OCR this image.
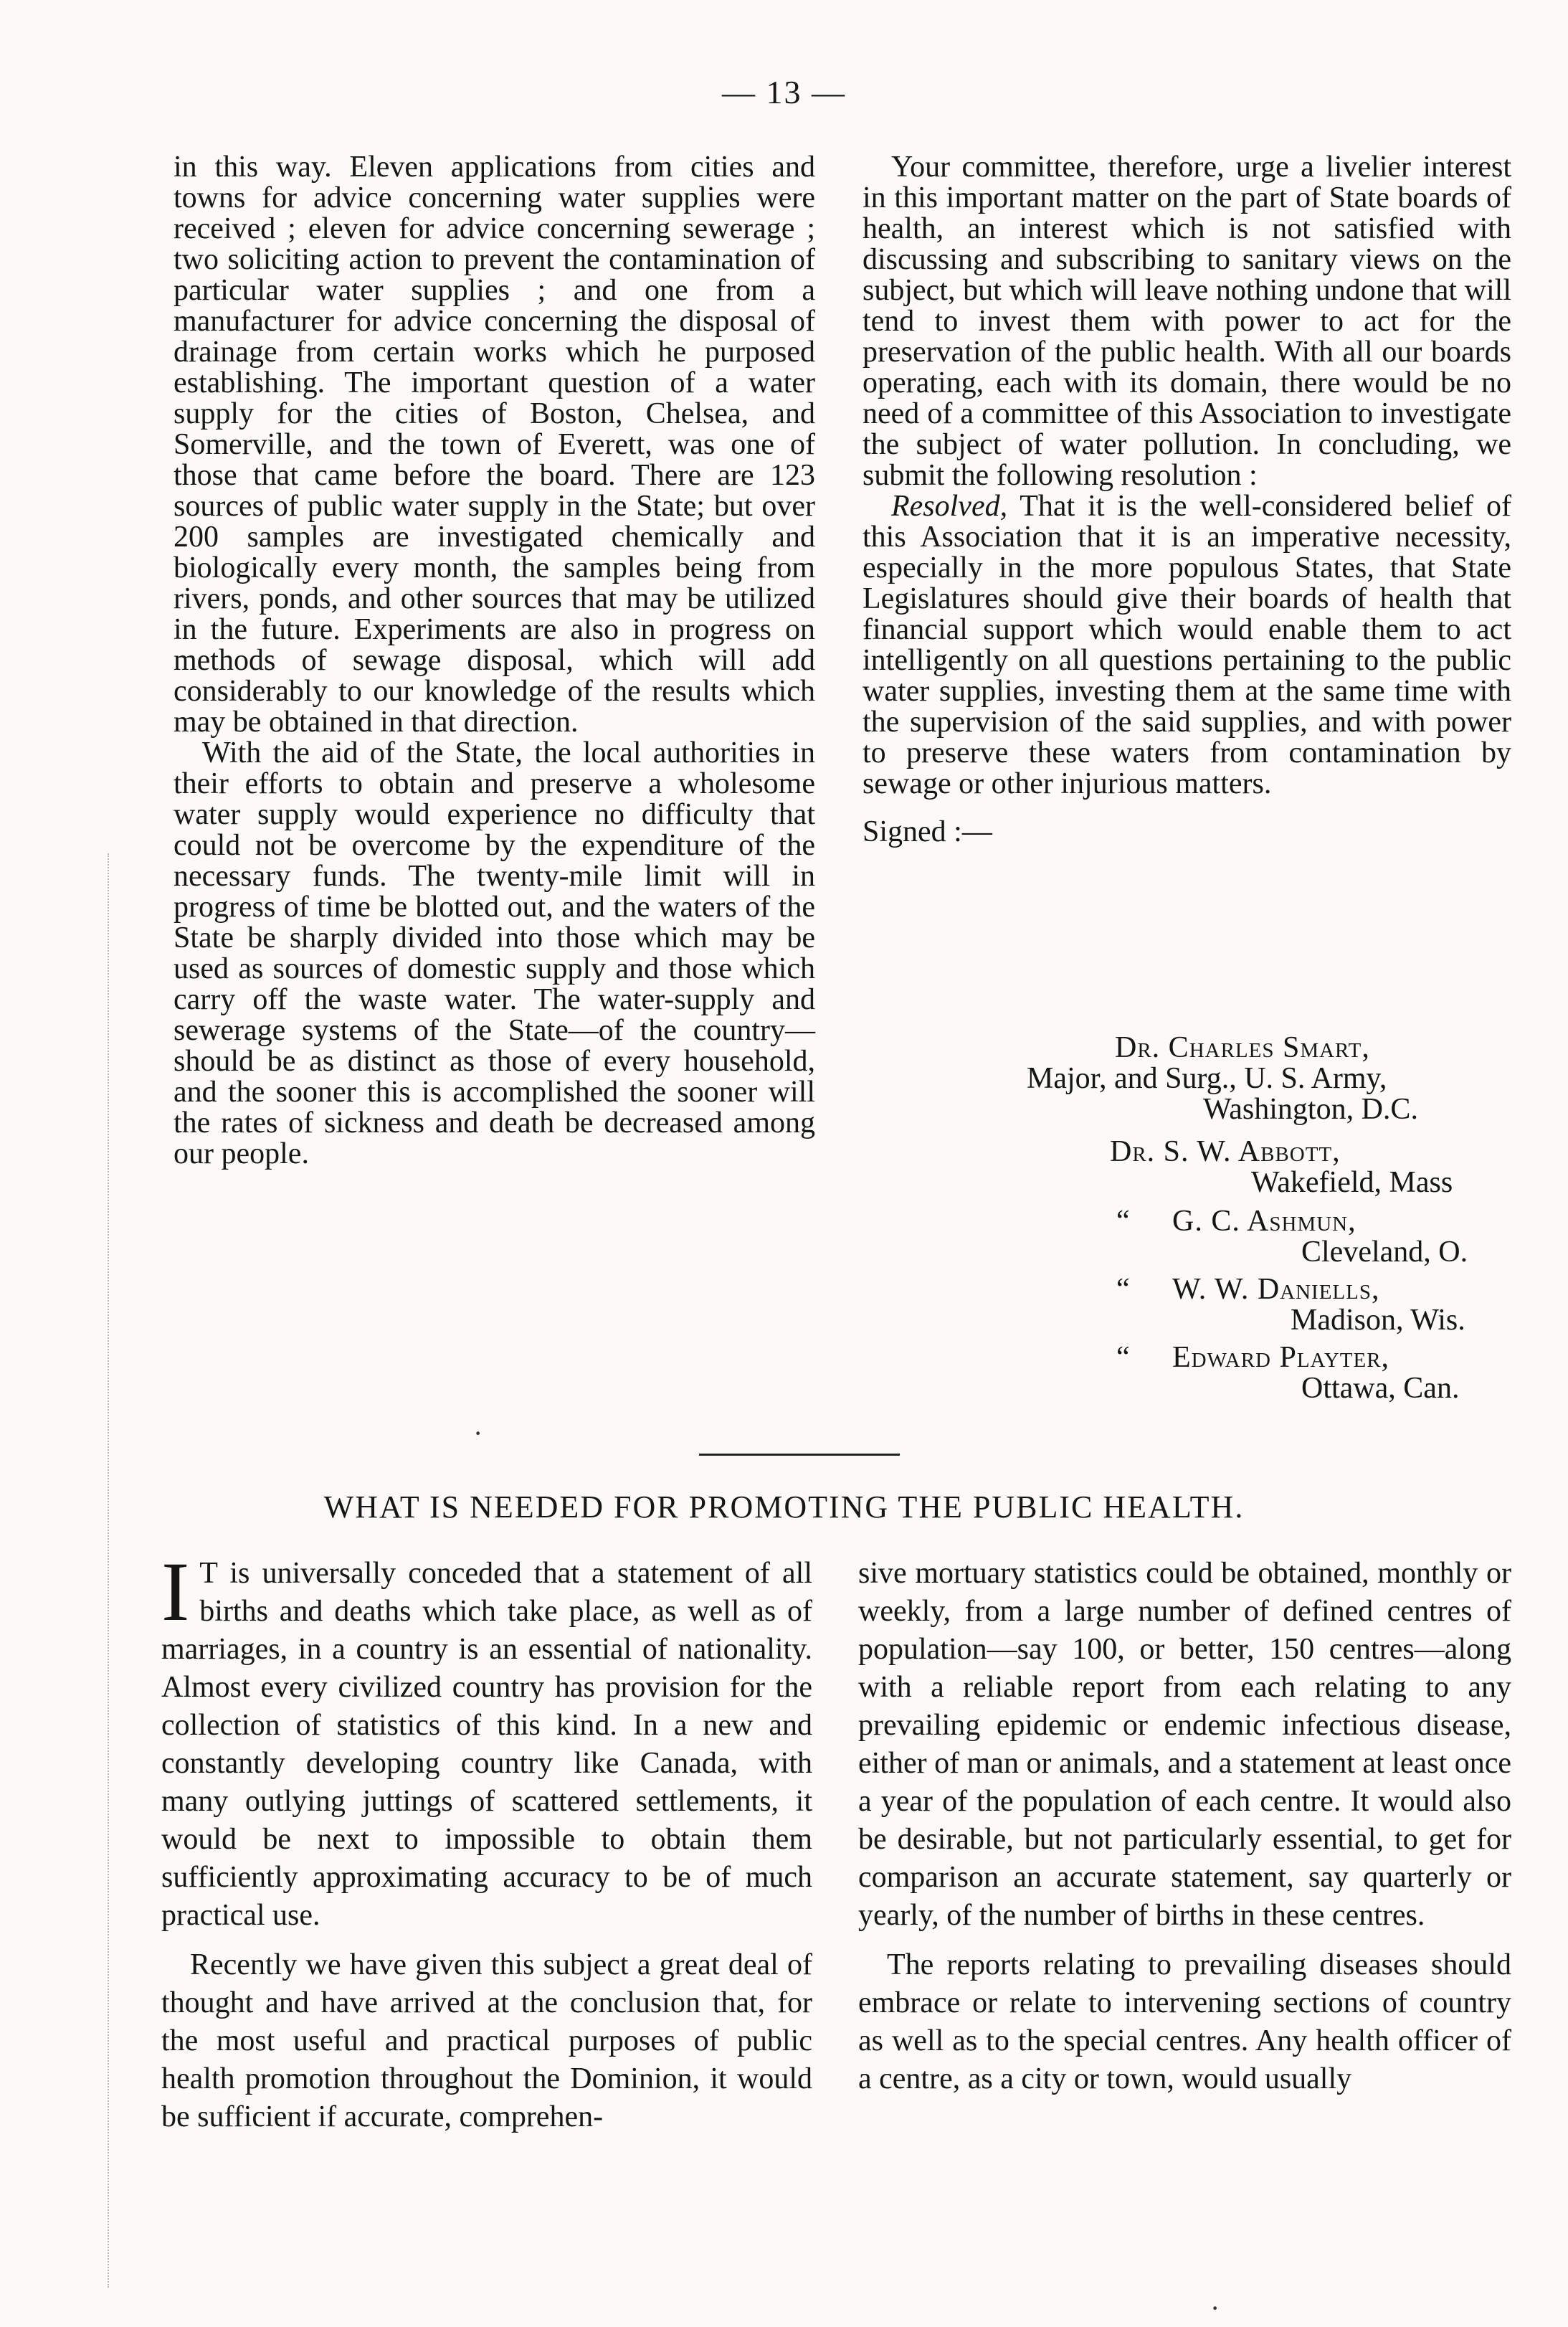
— 13 —

in this way. Eleven applications from cities and towns for advice concerning water supplies were received ; eleven for advice concerning sewerage ; two soliciting action to prevent the contamination of particular water supplies ; and one from a manufacturer for advice concerning the disposal of drainage from certain works which he purposed establishing. The important question of a water supply for the cities of Boston, Chelsea, and Somerville, and the town of Everett, was one of those that came before the board. There are 123 sources of public water supply in the State; but over 200 samples are investigated chemically and biologically every month, the samples being from rivers, ponds, and other sources that may be utilized in the future. Experiments are also in progress on methods of sewage disposal, which will add considerably to our knowledge of the results which may be obtained in that direction.

With the aid of the State, the local authorities in their efforts to obtain and preserve a wholesome water supply would experience no difficulty that could not be overcome by the expenditure of the necessary funds. The twenty-mile limit will in progress of time be blotted out, and the waters of the State be sharply divided into those which may be used as sources of domestic supply and those which carry off the waste water. The water-supply and sewerage systems of the State—of the country—should be as distinct as those of every household, and the sooner this is accomplished the sooner will the rates of sickness and death be decreased among our people.

Your committee, therefore, urge a livelier interest in this important matter on the part of State boards of health, an interest which is not satisfied with discussing and subscribing to sanitary views on the subject, but which will leave nothing undone that will tend to invest them with power to act for the preservation of the public health. With all our boards operating, each with its domain, there would be no need of a committee of this Association to investigate the subject of water pollution. In concluding, we submit the following resolution :

Resolved, That it is the well-considered belief of this Association that it is an imperative necessity, especially in the more populous States, that State Legislatures should give their boards of health that financial support which would enable them to act intelligently on all questions pertaining to the public water supplies, investing them at the same time with the supervision of the said supplies, and with power to preserve these waters from contamination by sewage or other injurious matters.

Signed :—

Dr. Charles Smart,
Major, and Surg., U. S. Army,
Washington, D.C.
Dr. S. W. Abbott,
Wakefield, Mass
“ G. C. Ashmun,
Cleveland, O.
“ W. W. Daniells,
Madison, Wis.
“ Edward Playter,
Ottawa, Can.
·
WHAT IS NEEDED FOR PROMOTING THE PUBLIC HEALTH.

I T is universally conceded that a statement of all births and deaths which take place, as well as of marriages, in a country is an essential of nationality. Almost every civilized country has provision for the collection of statistics of this kind. In a new and constantly developing country like Canada, with many outlying juttings of scattered settlements, it would be next to impossible to obtain them sufficiently approximating accuracy to be of much practical use.

Recently we have given this subject a great deal of thought and have arrived at the conclusion that, for the most useful and practical purposes of public health promotion throughout the Dominion, it would be sufficient if accurate, comprehen-

sive mortuary statistics could be obtained, monthly or weekly, from a large number of defined centres of population—say 100, or better, 150 centres—along with a reliable report from each relating to any prevailing epidemic or endemic infectious disease, either of man or animals, and a statement at least once a year of the population of each centre. It would also be desirable, but not particularly essential, to get for comparison an accurate statement, say quarterly or yearly, of the number of births in these centres.

The reports relating to prevailing diseases should embrace or relate to intervening sections of country as well as to the special centres. Any health officer of a centre, as a city or town, would usually

·
